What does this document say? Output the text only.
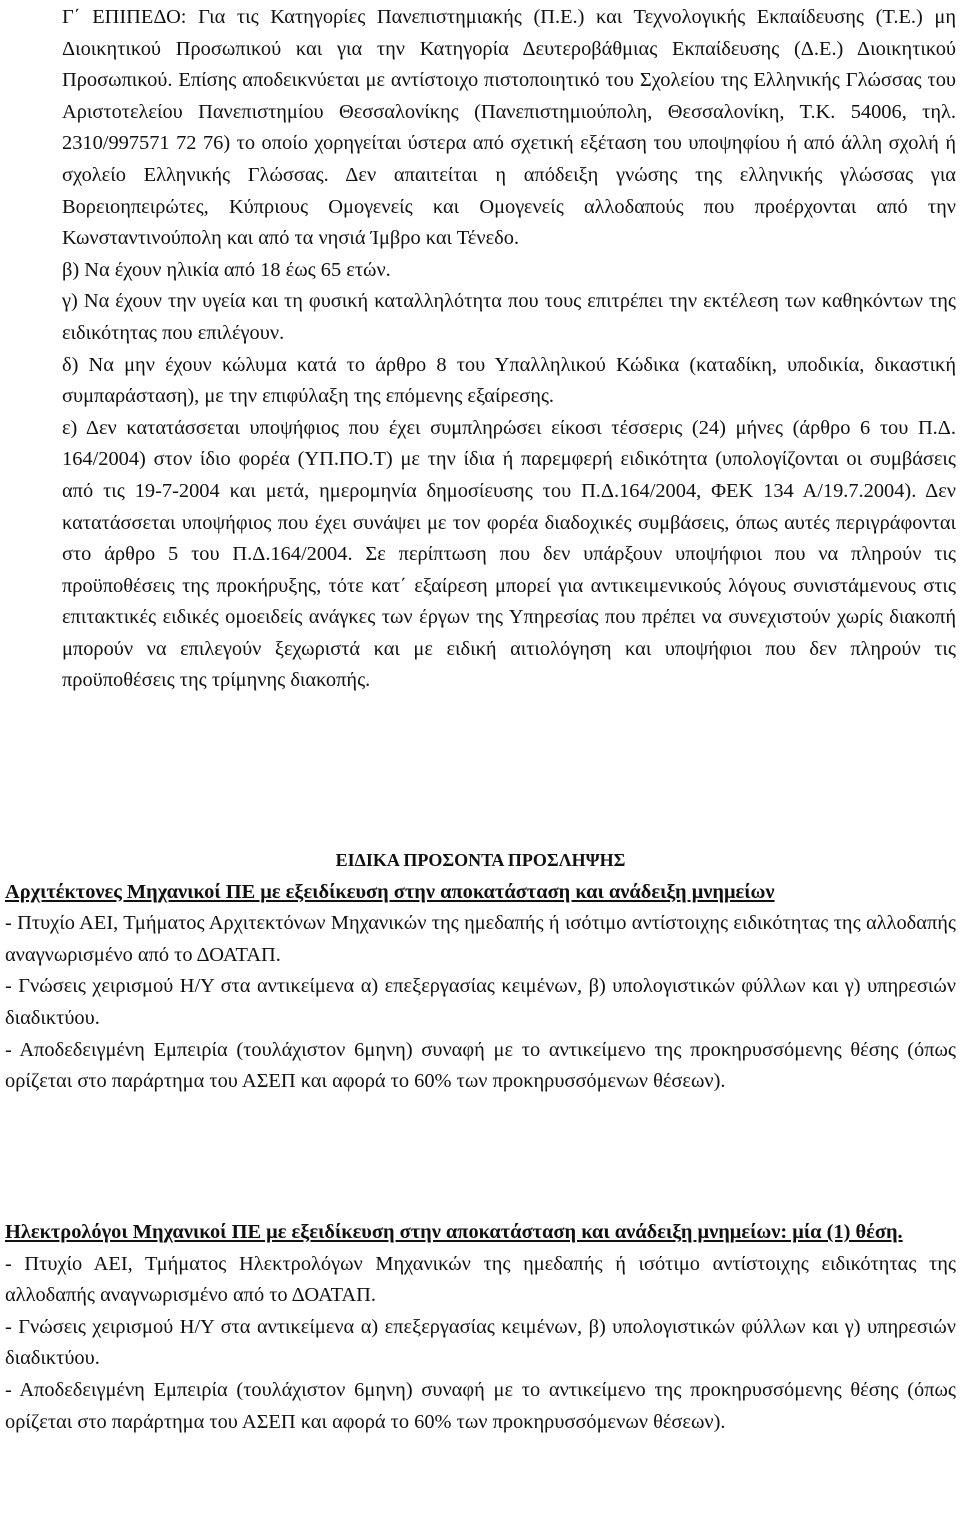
Γ΄ ΕΠΙΠΕΔΟ: Για τις Κατηγορίες Πανεπιστημιακής (Π.Ε.) και Τεχνολογικής Εκπαίδευσης (Τ.Ε.) μη Διοικητικού Προσωπικού και για την Κατηγορία Δευτεροβάθμιας Εκπαίδευσης (Δ.Ε.) Διοικητικού Προσωπικού. Επίσης αποδεικνύεται με αντίστοιχο πιστοποιητικό του Σχολείου της Ελληνικής Γλώσσας του Αριστοτελείου Πανεπιστημίου Θεσσαλονίκης (Πανεπιστημιούπολη, Θεσσαλονίκη, Τ.Κ. 54006, τηλ. 2310/997571 72 76) το οποίο χορηγείται ύστερα από σχετική εξέταση του υποψηφίου ή από άλλη σχολή ή σχολείο Ελληνικής Γλώσσας. Δεν απαιτείται η απόδειξη γνώσης της ελληνικής γλώσσας για Βορειοηπειρώτες, Κύπριους Ομογενείς και Ομογενείς αλλοδαπούς που προέρχονται από την Κωνσταντινούπολη και από τα νησιά Ίμβρο και Τένεδο.

β) Να έχουν ηλικία από 18 έως 65 ετών.

γ) Να έχουν την υγεία και τη φυσική καταλληλότητα που τους επιτρέπει την εκτέλεση των καθηκόντων της ειδικότητας που επιλέγουν.

δ) Να μην έχουν κώλυμα κατά το άρθρο 8 του Υπαλληλικού Κώδικα (καταδίκη, υποδικία, δικαστική συμπαράσταση), με την επιφύλαξη της επόμενης εξαίρεσης.

ε) Δεν κατατάσσεται υποψήφιος που έχει συμπληρώσει είκοσι τέσσερις (24) μήνες (άρθρο 6 του Π.Δ. 164/2004) στον ίδιο φορέα (ΥΠ.ΠΟ.Τ) με την ίδια ή παρεμφερή ειδικότητα (υπολογίζονται οι συμβάσεις από τις 19-7-2004 και μετά, ημερομηνία δημοσίευσης του Π.Δ.164/2004, ΦΕΚ 134 Α/19.7.2004). Δεν κατατάσσεται υποψήφιος που έχει συνάψει με τον φορέα διαδοχικές συμβάσεις, όπως αυτές περιγράφονται στο άρθρο 5 του Π.Δ.164/2004. Σε περίπτωση που δεν υπάρξουν υποψήφιοι που να πληρούν τις προϋποθέσεις της προκήρυξης, τότε κατ΄ εξαίρεση μπορεί για αντικειμενικούς λόγους συνιστάμενους στις επιτακτικές ειδικές ομοειδείς ανάγκες των έργων της Υπηρεσίας που πρέπει να συνεχιστούν χωρίς διακοπή μπορούν να επιλεγούν ξεχωριστά και με ειδική αιτιολόγηση και υποψήφιοι που δεν πληρούν τις προϋποθέσεις της τρίμηνης διακοπής.

ΕΙΔΙΚΑ ΠΡΟΣΟΝΤΑ ΠΡΟΣΛΗΨΗΣ

Αρχιτέκτονες Μηχανικοί ΠΕ με εξειδίκευση στην αποκατάσταση και ανάδειξη μνημείων

- Πτυχίο ΑΕΙ, Τμήματος Αρχιτεκτόνων Μηχανικών της ημεδαπής ή ισότιμο αντίστοιχης ειδικότητας της αλλοδαπής αναγνωρισμένο από το ΔΟΑΤΑΠ.

- Γνώσεις χειρισμού Η/Υ στα αντικείμενα α) επεξεργασίας κειμένων, β) υπολογιστικών φύλλων και γ) υπηρεσιών διαδικτύου.

- Αποδεδειγμένη Εμπειρία (τουλάχιστον 6μηνη) συναφή με το αντικείμενο της προκηρυσσόμενης θέσης (όπως ορίζεται στο παράρτημα του ΑΣΕΠ και αφορά το 60% των προκηρυσσόμενων θέσεων).

Ηλεκτρολόγοι Μηχανικοί ΠΕ με εξειδίκευση στην αποκατάσταση και ανάδειξη μνημείων: μία (1) θέση.

- Πτυχίο ΑΕΙ, Τμήματος Ηλεκτρολόγων Μηχανικών της ημεδαπής ή ισότιμο αντίστοιχης ειδικότητας της αλλοδαπής αναγνωρισμένο από το ΔΟΑΤΑΠ.

- Γνώσεις χειρισμού Η/Υ στα αντικείμενα α) επεξεργασίας κειμένων, β) υπολογιστικών φύλλων και γ) υπηρεσιών διαδικτύου.

- Αποδεδειγμένη Εμπειρία (τουλάχιστον 6μηνη) συναφή με το αντικείμενο της προκηρυσσόμενης θέσης (όπως ορίζεται στο παράρτημα του ΑΣΕΠ και αφορά το 60% των προκηρυσσόμενων θέσεων).
